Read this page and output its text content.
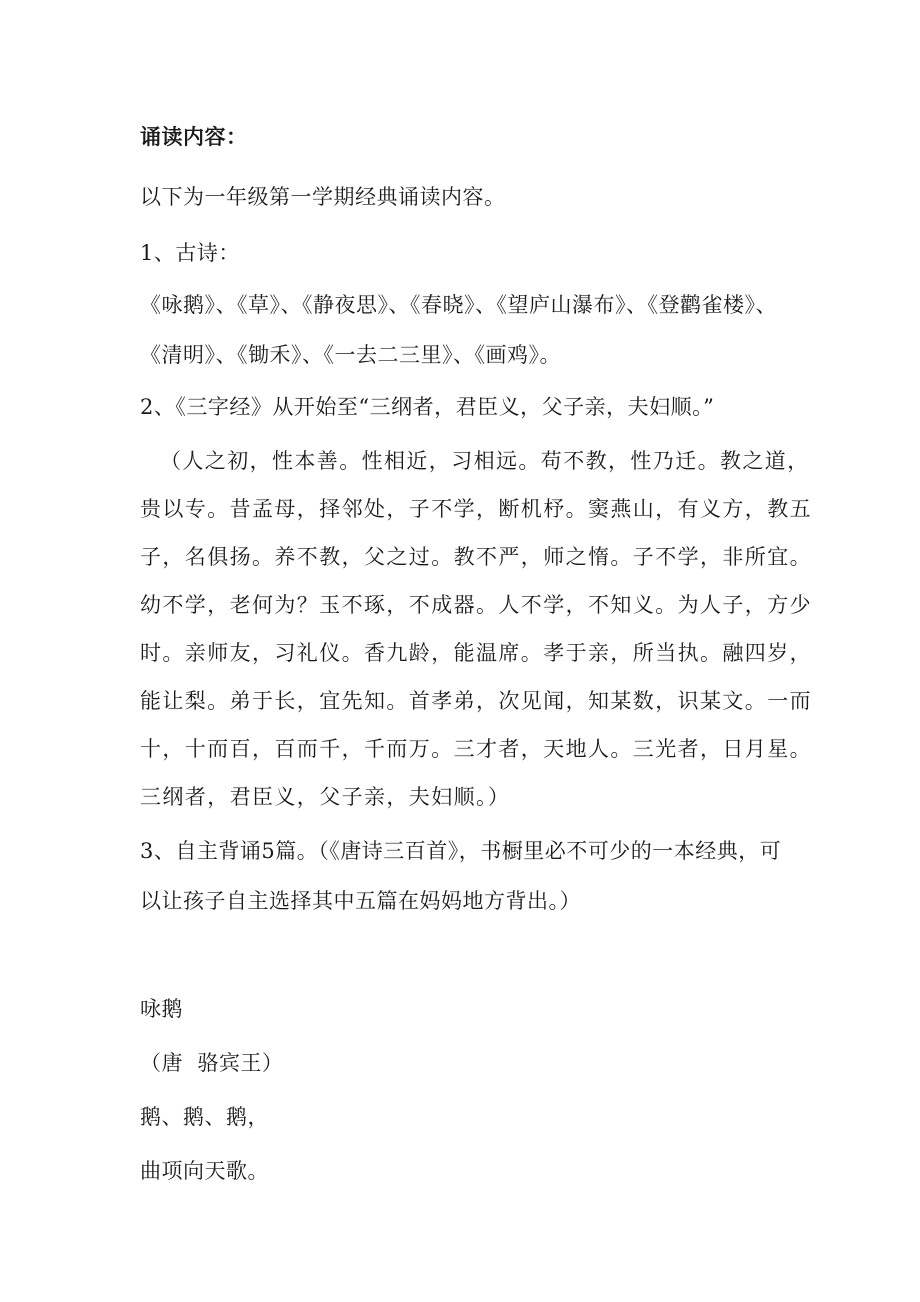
诵读内容：
以下为一年级第一学期经典诵读内容。
1、古诗：
《咏鹅》、《草》、《静夜思》、《春晓》、《望庐山瀑布》、《登鹳雀楼》、
《清明》、《锄禾》、《一去二三里》、《画鸡》。
2、《三字经》从开始至“三纲者，君臣义，父子亲，夫妇顺。”
（人之初，性本善。性相近，习相远。苟不教，性乃迁。教之道，
贵以专。昔孟母，择邻处，子不学，断机杼。窦燕山，有义方，教五
子，名俱扬。养不教，父之过。教不严，师之惰。子不学，非所宜。
幼不学，老何为？玉不琢，不成器。人不学，不知义。为人子，方少
时。亲师友，习礼仪。香九龄，能温席。孝于亲，所当执。融四岁，
能让梨。弟于长，宜先知。首孝弟，次见闻，知某数，识某文。一而
十，十而百，百而千，千而万。三才者，天地人。三光者，日月星。
三纲者，君臣义，父子亲，夫妇顺。）
3、自主背诵5篇。（《唐诗三百首》，书橱里必不可少的一本经典，可
以让孩子自主选择其中五篇在妈妈地方背出。）
咏鹅
（唐  骆宾王）
鹅、鹅、鹅，
曲项向天歌。
